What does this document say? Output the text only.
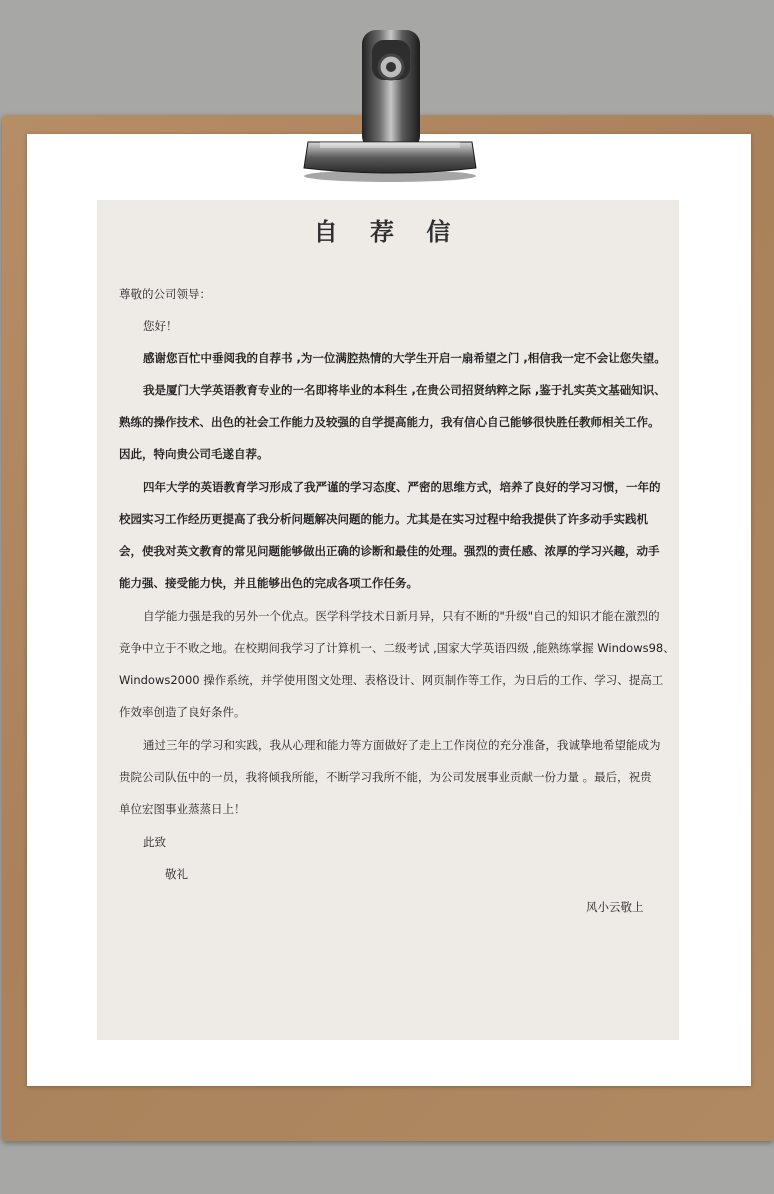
自 荐 信
尊敬的公司领导：
您好！
感谢您百忙中垂阅我的自荐书 ,为一位满腔热情的大学生开启一扇希望之门 ,相信我一定不会让您失望。
我是厦门大学英语教育专业的一名即将毕业的本科生 ,在贵公司招贤纳粹之际 ,鉴于扎实英文基础知识、
熟练的操作技术、出色的社会工作能力及较强的自学提高能力，我有信心自己能够很快胜任教师相关工作。
因此，特向贵公司毛遂自荐。
四年大学的英语教育学习形成了我严谨的学习态度、严密的思维方式，培养了良好的学习习惯，一年的
校园实习工作经历更提高了我分析问题解决问题的能力。尤其是在实习过程中给我提供了许多动手实践机
会，使我对英文教育的常见问题能够做出正确的诊断和最佳的处理。强烈的责任感、浓厚的学习兴趣，动手
能力强、接受能力快，并且能够出色的完成各项工作任务。
自学能力强是我的另外一个优点。医学科学技术日新月异，只有不断的"升级"自己的知识才能在激烈的
竞争中立于不败之地。在校期间我学习了计算机一、二级考试 ,国家大学英语四级 ,能熟练掌握 Windows98、
Windows2000 操作系统，并学使用图文处理、表格设计、网页制作等工作，为日后的工作、学习、提高工
作效率创造了良好条件。
通过三年的学习和实践，我从心理和能力等方面做好了走上工作岗位的充分准备，我诚挚地希望能成为
贵院公司队伍中的一员，我将倾我所能，不断学习我所不能，为公司发展事业贡献一份力量 。最后，祝贵
单位宏图事业蒸蒸日上！
此致
敬礼
风小云敬上
